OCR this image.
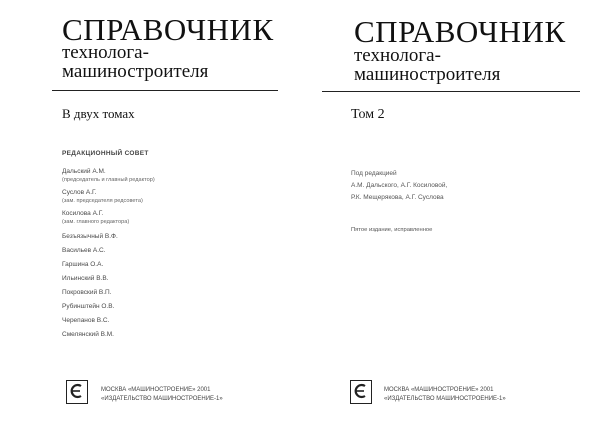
СПРАВОЧНИК
технолога-
машиностроителя
В двух томах
РЕДАКЦИОННЫЙ СОВЕТ
Дальский А.М.
(председатель и главный редактор)
Суслов А.Г.
(зам. председателя редсовета)
Косилова А.Г.
(зам. главного редактора)
Безъязычный В.Ф.
Васильев А.С.
Гаршина О.А.
Ильинский В.В.
Покровский В.П.
Рубинштейн О.В.
Черепанов В.С.
Смелянский В.М.
МОСКВА «МАШИНОСТРОЕНИЕ» 2001
«ИЗДАТЕЛЬСТВО МАШИНОСТРОЕНИЕ-1»
СПРАВОЧНИК
технолога-
машиностроителя
Том 2
Под редакцией
А.М. Дальского, А.Г. Косиловой,
Р.К. Мещерякова, А.Г. Суслова
Пятое издание, исправленное
МОСКВА «МАШИНОСТРОЕНИЕ» 2001
«ИЗДАТЕЛЬСТВО МАШИНОСТРОЕНИЕ-1»
